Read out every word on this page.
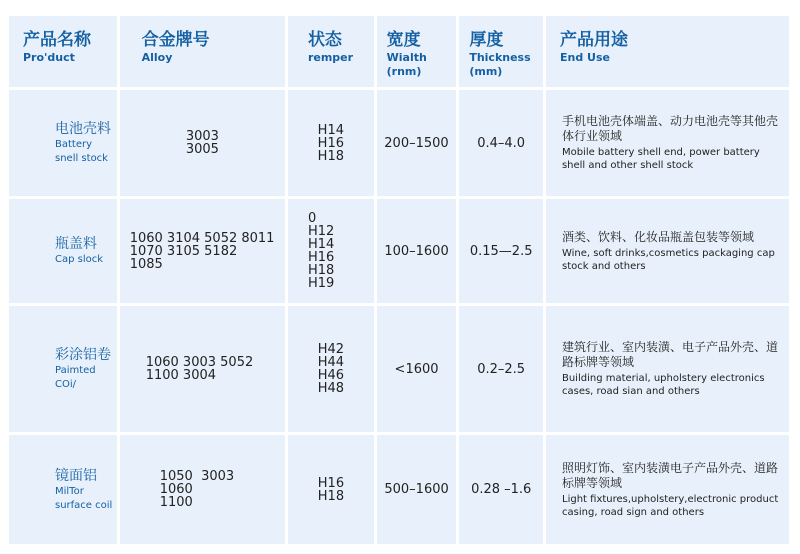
产品名称
Pro'duct
合金牌号
Alloy
状态
remper
宽度
Wialth
(rnm)
厚度
Thickness
(mm)
产品用途
End Use
电池壳料
Battery snell stock
3003
3005
H14
H16
H18
200–1500 0.4–4.0
手机电池壳体端盖、动力电池壳等其他壳体行业领域
Mobile battery shell end, power battery shell and other shell stock
瓶盖料
Cap slock
1060 3104 5052 8011
1070 3105 5182
1085
0
H12
H14
H16
H18
H19
100–1600 0.15—2.5
酒类、饮料、化妆品瓶盖包装等领域
Wine, soft drinks,cosmetics packaging cap stock and others
彩涂铝卷
Paimted COi/
1060 3003 5052
1100 3004
H42
H44
H46
H48
<1600	0.2–2.5
建筑行业、室内装潢、电子产品外壳、道路标牌等领域
Building material, upholstery electronics cases, road sian and others
镜面铝
MilTor surface coil
1050  3003
1060
1100
H16
H18	500–1600 0.28 –1.6
照明灯饰、室内装潢电子产品外壳、道路标牌等领域
Light fixtures,upholstery,electronic product casing, road sign and others
